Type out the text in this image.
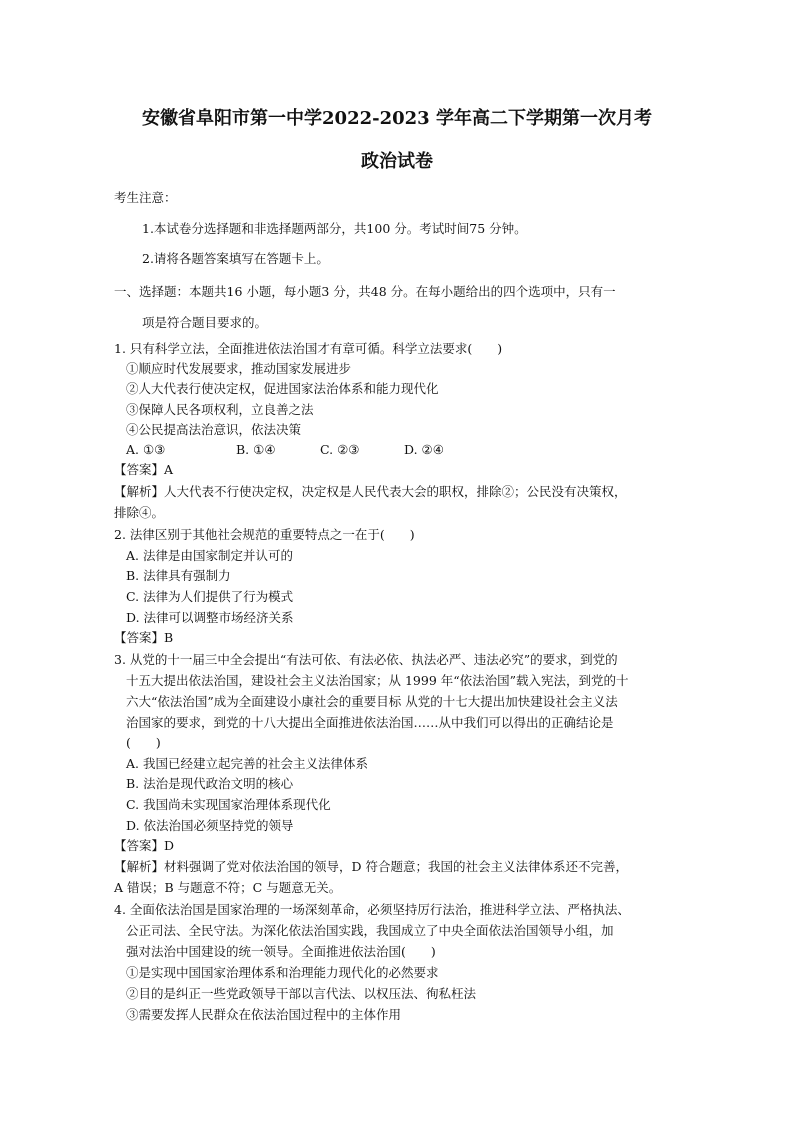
安徽省阜阳市第一中学2022-2023 学年高二下学期第一次月考
政治试卷
考生注意：
1.本试卷分选择题和非选择题两部分，共100 分。考试时间75 分钟。
2.请将各题答案填写在答题卡上。
一、选择题：本题共16 小题，每小题3 分，共48 分。在每小题给出的四个选项中，只有一
项是符合题目要求的。
1. 只有科学立法，全面推进依法治国才有章可循。科学立法要求(　　)
①顺应时代发展要求，推动国家发展进步
②人大代表行使决定权，促进国家法治体系和能力现代化
③保障人民各项权利，立良善之法
④公民提高法治意识，依法决策
A. ①③	B. ①④	C. ②③	D. ②④
【答案】A
【解析】人大代表不行使决定权，决定权是人民代表大会的职权，排除②；公民没有决策权，
排除④。
2. 法律区别于其他社会规范的重要特点之一在于(　　)
A. 法律是由国家制定并认可的
B. 法律具有强制力
C. 法律为人们提供了行为模式
D. 法律可以调整市场经济关系
【答案】B
3. 从党的十一届三中全会提出“有法可依、有法必依、执法必严、违法必究”的要求，到党的
十五大提出依法治国，建设社会主义法治国家；从 1999 年“依法治国”载入宪法，到党的十
六大“依法治国”成为全面建设小康社会的重要目标 从党的十七大提出加快建设社会主义法
治国家的要求，到党的十八大提出全面推进依法治国……从中我们可以得出的正确结论是
(　　)
A. 我国已经建立起完善的社会主义法律体系
B. 法治是现代政治文明的核心
C. 我国尚未实现国家治理体系现代化
D. 依法治国必须坚持党的领导
【答案】D
【解析】材料强调了党对依法治国的领导，D 符合题意；我国的社会主义法律体系还不完善，
A 错误；B 与题意不符；C 与题意无关。
4. 全面依法治国是国家治理的一场深刻革命，必须坚持厉行法治，推进科学立法、严格执法、
公正司法、全民守法。为深化依法治国实践，我国成立了中央全面依法治国领导小组，加
强对法治中国建设的统一领导。全面推进依法治国(　　)
①是实现中国国家治理体系和治理能力现代化的必然要求
②目的是纠正一些党政领导干部以言代法、以权压法、徇私枉法
③需要发挥人民群众在依法治国过程中的主体作用
